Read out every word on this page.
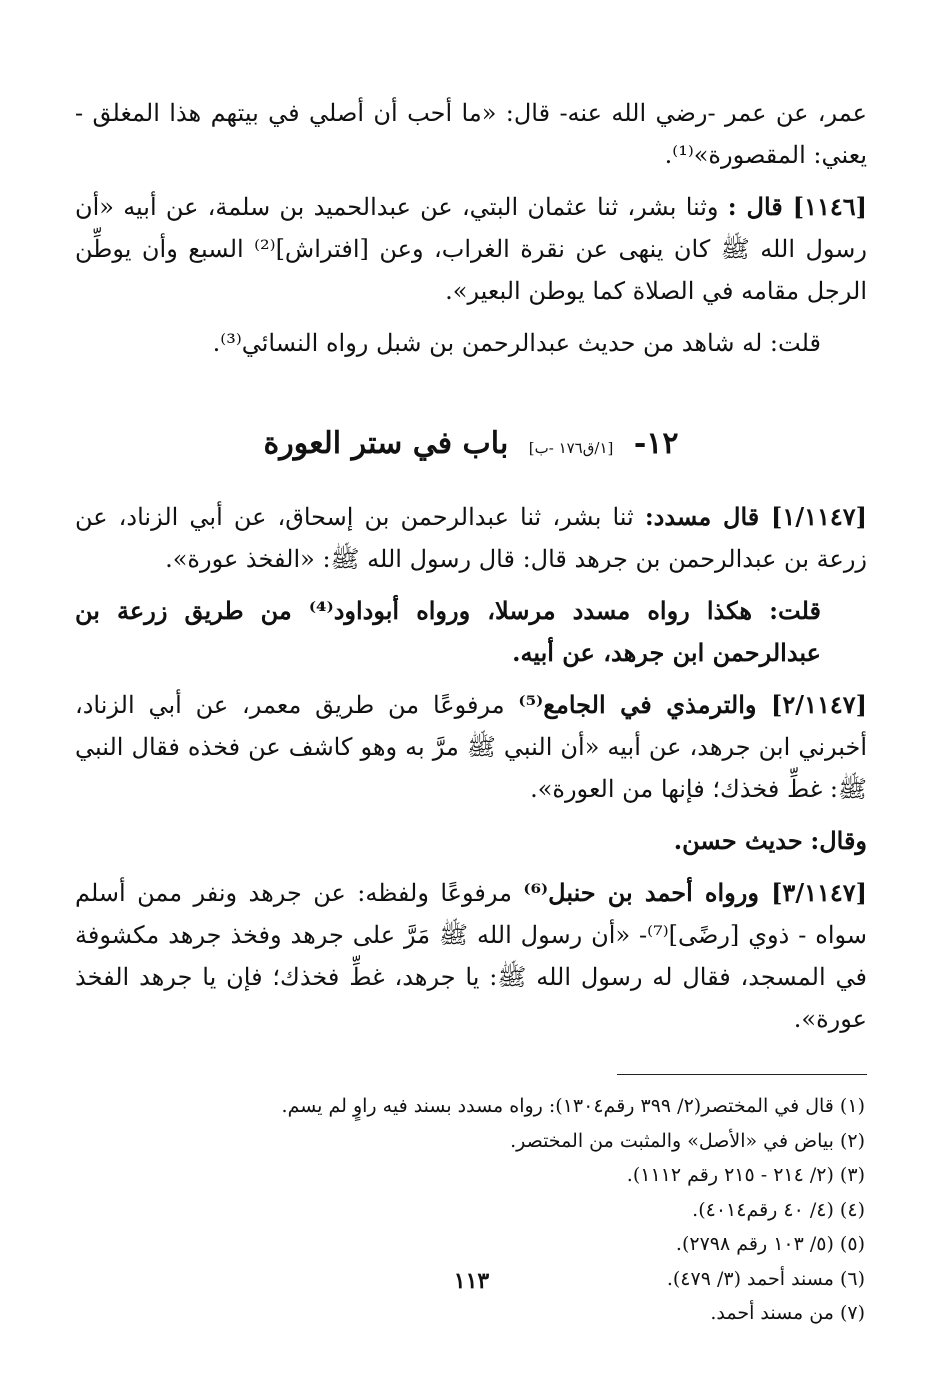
عمر، عن عمر -رضي الله عنه- قال: «ما أحب أن أصلي في بيتهم هذا المغلق - يعني: المقصورة»⁽¹⁾.

[١١٤٦] قال : وثنا بشر، ثنا عثمان البتي، عن عبدالحميد بن سلمة، عن أبيه «أن رسول الله ﷺ كان ينهى عن نقرة الغراب، وعن [افتراش]⁽²⁾ السبع وأن يوطِّن الرجل مقامه في الصلاة كما يوطن البعير».

قلت: له شاهد من حديث عبدالرحمن بن شبل رواه النسائي⁽³⁾.

١٢- [١/ق١٧٦ -ب] باب في ستر العورة

[١/١١٤٧] قال مسدد: ثنا بشر، ثنا عبدالرحمن بن إسحاق، عن أبي الزناد، عن زرعة بن عبدالرحمن بن جرهد قال: قال رسول الله ﷺ: «الفخذ عورة».

قلت: هكذا رواه مسدد مرسلا، ورواه أبوداود⁽⁴⁾ من طريق زرعة بن عبدالرحمن ابن جرهد، عن أبيه.

[٢/١١٤٧] والترمذي في الجامع⁽⁵⁾ مرفوعًا من طريق معمر، عن أبي الزناد، أخبرني ابن جرهد، عن أبيه «أن النبي ﷺ مرَّ به وهو كاشف عن فخذه فقال النبي ﷺ: غطِّ فخذك؛ فإنها من العورة».

وقال: حديث حسن.

[٣/١١٤٧] ورواه أحمد بن حنبل⁽⁶⁾ مرفوعًا ولفظه: عن جرهد ونفر ممن أسلم سواه - ذوي [رضًى]⁽⁷⁾- «أن رسول الله ﷺ مَرَّ على جرهد وفخذ جرهد مكشوفة في المسجد، فقال له رسول الله ﷺ: يا جرهد، غطِّ فخذك؛ فإن يا جرهد الفخذ عورة».

(١) قال في المختصر(٢/ ٣٩٩ رقم١٣٠٤): رواه مسدد بسند فيه راوٍ لم يسم.

(٢) بياض في «الأصل» والمثبت من المختصر.

(٣) (٢/ ٢١٤ - ٢١٥ رقم ١١١٢).

(٤) (٤/ ٤٠ رقم٤٠١٤).

(٥) (٥/ ١٠٣ رقم ٢٧٩٨).

(٦) مسند أحمد (٣/ ٤٧٩).

(٧) من مسند أحمد.

١١٣
